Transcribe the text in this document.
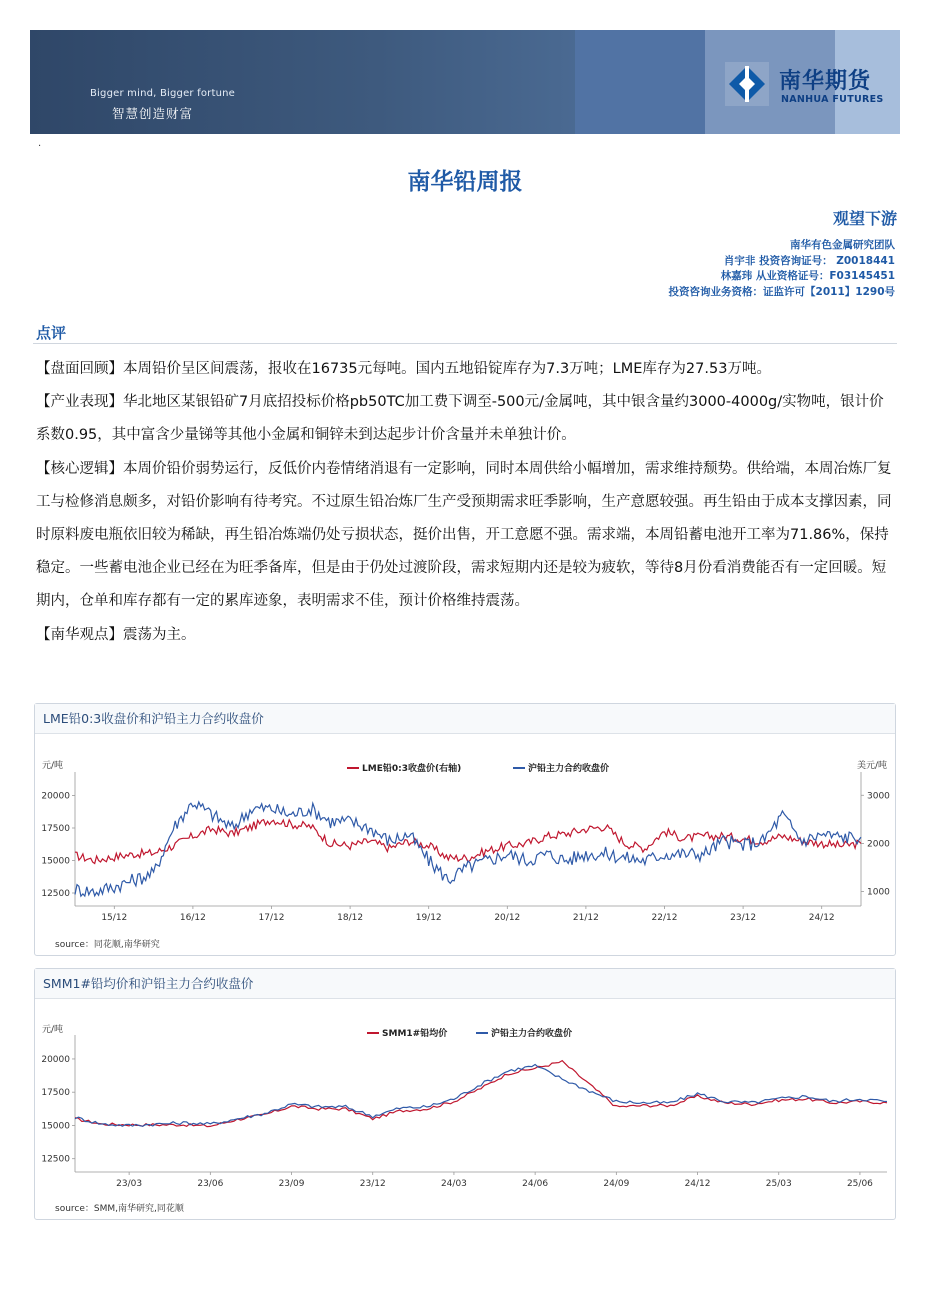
Bigger mind, Bigger fortune
智慧创造财富
南华期货
NANHUA FUTURES
.
南华铅周报
观望下游
南华有色金属研究团队
肖宇非 投资咨询证号： Z0018441
林嘉玮 从业资格证号：F03145451
投资咨询业务资格：证监许可【2011】1290号
点评

【盘面回顾】本周铅价呈区间震荡，报收在16735元每吨。国内五地铅锭库存为7.3万吨；LME库存为27.53万吨。

【产业表现】华北地区某银铅矿7月底招投标价格pb50TC加工费下调至-500元/金属吨，其中银含量约3000-4000g/实物吨，银计价系数0.95，其中富含少量锑等其他小金属和铜锌未到达起步计价含量并未单独计价。

【核心逻辑】本周价铅价弱势运行，反低价内卷情绪消退有一定影响，同时本周供给小幅增加，需求维持颓势。供给端，本周冶炼厂复工与检修消息颇多，对铅价影响有待考究。不过原生铅冶炼厂生产受预期需求旺季影响，生产意愿较强。再生铅由于成本支撑因素，同时原料废电瓶依旧较为稀缺，再生铅冶炼端仍处亏损状态，挺价出售，开工意愿不强。需求端，本周铅蓄电池开工率为71.86%，保持稳定。一些蓄电池企业已经在为旺季备库，但是由于仍处过渡阶段，需求短期内还是较为疲软，等待8月份看消费能否有一定回暖。短期内，仓单和库存都有一定的累库迹象，表明需求不佳，预计价格维持震荡。

【南华观点】震荡为主。

LME铅0:3收盘价和沪铅主力合约收盘价
元/吨	美元/吨
12500
15000
17500
20000
1000
2000
3000
15/12	16/12	17/12	18/12	19/12	20/12	21/12	22/12	23/12	24/12
LME铅0:3收盘价(右轴)	沪铅主力合约收盘价
source：同花顺,南华研究
SMM1#铅均价和沪铅主力合约收盘价
元/吨
12500
15000
17500
20000
23/03	23/06	23/09	23/12	24/03	24/06	24/09	24/12	25/03	25/06
SMM1#铅均价	沪铅主力合约收盘价
source：SMM,南华研究,同花顺
